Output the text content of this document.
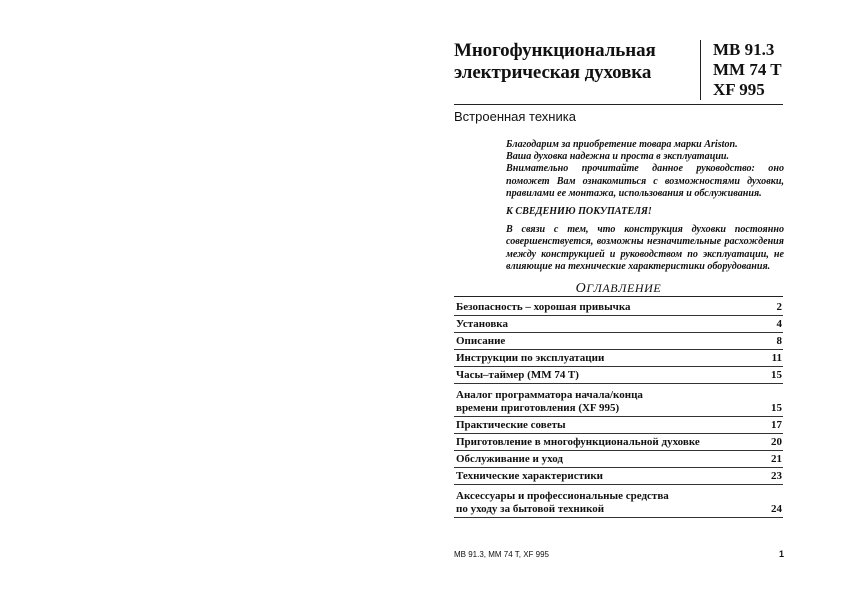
Многофункциональная
электрическая духовка
MB 91.3
MM 74 T
XF 995
Встроенная техника

Благодарим за приобретение товара марки Ariston.

Ваша духовка надежна и проста в эксплуатации.

Внимательно прочитайте данное руководство: оно поможет Вам ознакомиться с возможностями духовки, правилами ее монтажа, использования и обслуживания.

К СВЕДЕНИЮ ПОКУПАТЕЛЯ!

В связи с тем, что конструкция духовки постоянно совершенствуется, возможны незначительные расхождения между конструкцией и руководством по эксплуатации, не влияющие на технические характеристики оборудования.

ОГЛАВЛЕНИЕ
Безопасность – хорошая привычка	2
Установка	4
Описание	8
Инструкции по эксплуатации	11
Часы–таймер (MM 74 T)	15
Аналог программатора начала/конца
времени приготовления (XF 995)	15
Практические советы	17
Приготовление в многофункциональной духовке	20
Обслуживание и уход	21
Технические характеристики	23
Аксессуары и профессиональные средства
по уходу за бытовой техникой	24
MB 91.3, MM 74 T, XF 995	1
